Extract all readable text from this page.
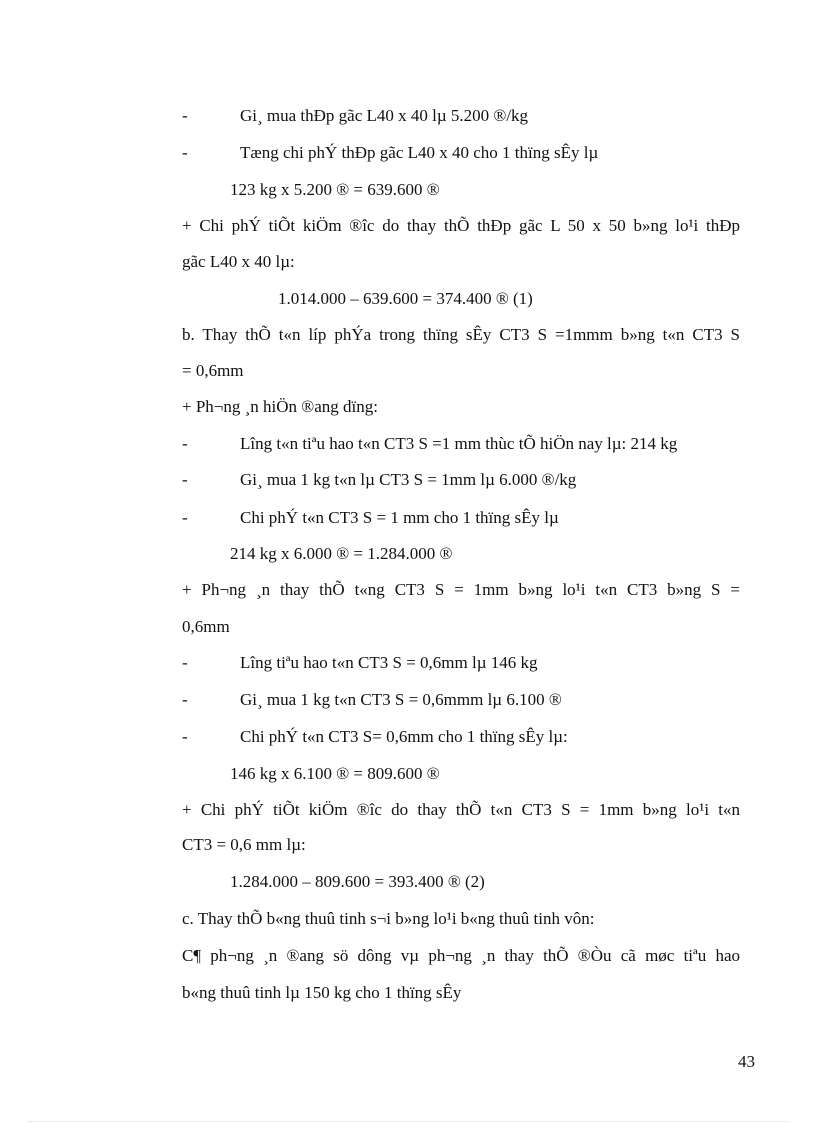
-	Gi¸ mua thÐp gãc L40 x 40 lµ 5.200 ®/kg
-	Tæng chi phÝ thÐp gãc L40 x 40 cho 1 thïng sÊy lµ
123 kg x 5.200 ® = 639.600 ®
+ Chi phÝ tiÕt kiÖm ®îc do thay thÕ thÐp gãc L 50 x 50 b»ng lo¹i thÐp
gãc L40 x 40 lµ:
1.014.000 – 639.600 = 374.400 ® (1)
b. Thay thÕ t«n líp phÝa trong thïng sÊy CT3 S =1mmm b»ng t«n CT3 S
= 0,6mm
+ Ph¬ng ¸n hiÖn ®ang dïng:
-	Lîng t«n tiªu hao t«n CT3 S =1 mm thùc tÕ hiÖn nay lµ: 214 kg
-	Gi¸ mua 1 kg t«n lµ CT3 S = 1mm lµ 6.000 ®/kg
-	Chi phÝ t«n CT3 S = 1 mm cho 1 thïng sÊy lµ
214 kg x 6.000 ® = 1.284.000 ®
+ Ph¬ng ¸n thay thÕ t«ng CT3 S = 1mm b»ng lo¹i t«n CT3 b»ng S =
0,6mm
-	Lîng tiªu hao t«n CT3 S = 0,6mm lµ 146 kg
-	Gi¸ mua 1 kg t«n CT3 S = 0,6mmm lµ 6.100 ®
-	Chi phÝ t«n CT3 S= 0,6mm cho 1 thïng sÊy lµ:
146 kg x 6.100 ® = 809.600 ®
+ Chi phÝ tiÕt kiÖm ®îc do thay thÕ t«n CT3 S = 1mm b»ng lo¹i t«n
CT3 = 0,6 mm lµ:
1.284.000 – 809.600 = 393.400 ® (2)
c. Thay thÕ b«ng thuû tinh s¬i b»ng lo¹i b«ng thuû tinh vôn:
C¶ ph¬ng ¸n ®ang sö dông vµ ph¬ng ¸n thay thÕ ®Òu cã møc tiªu hao
b«ng thuû tinh lµ 150 kg cho 1 thïng sÊy
43
